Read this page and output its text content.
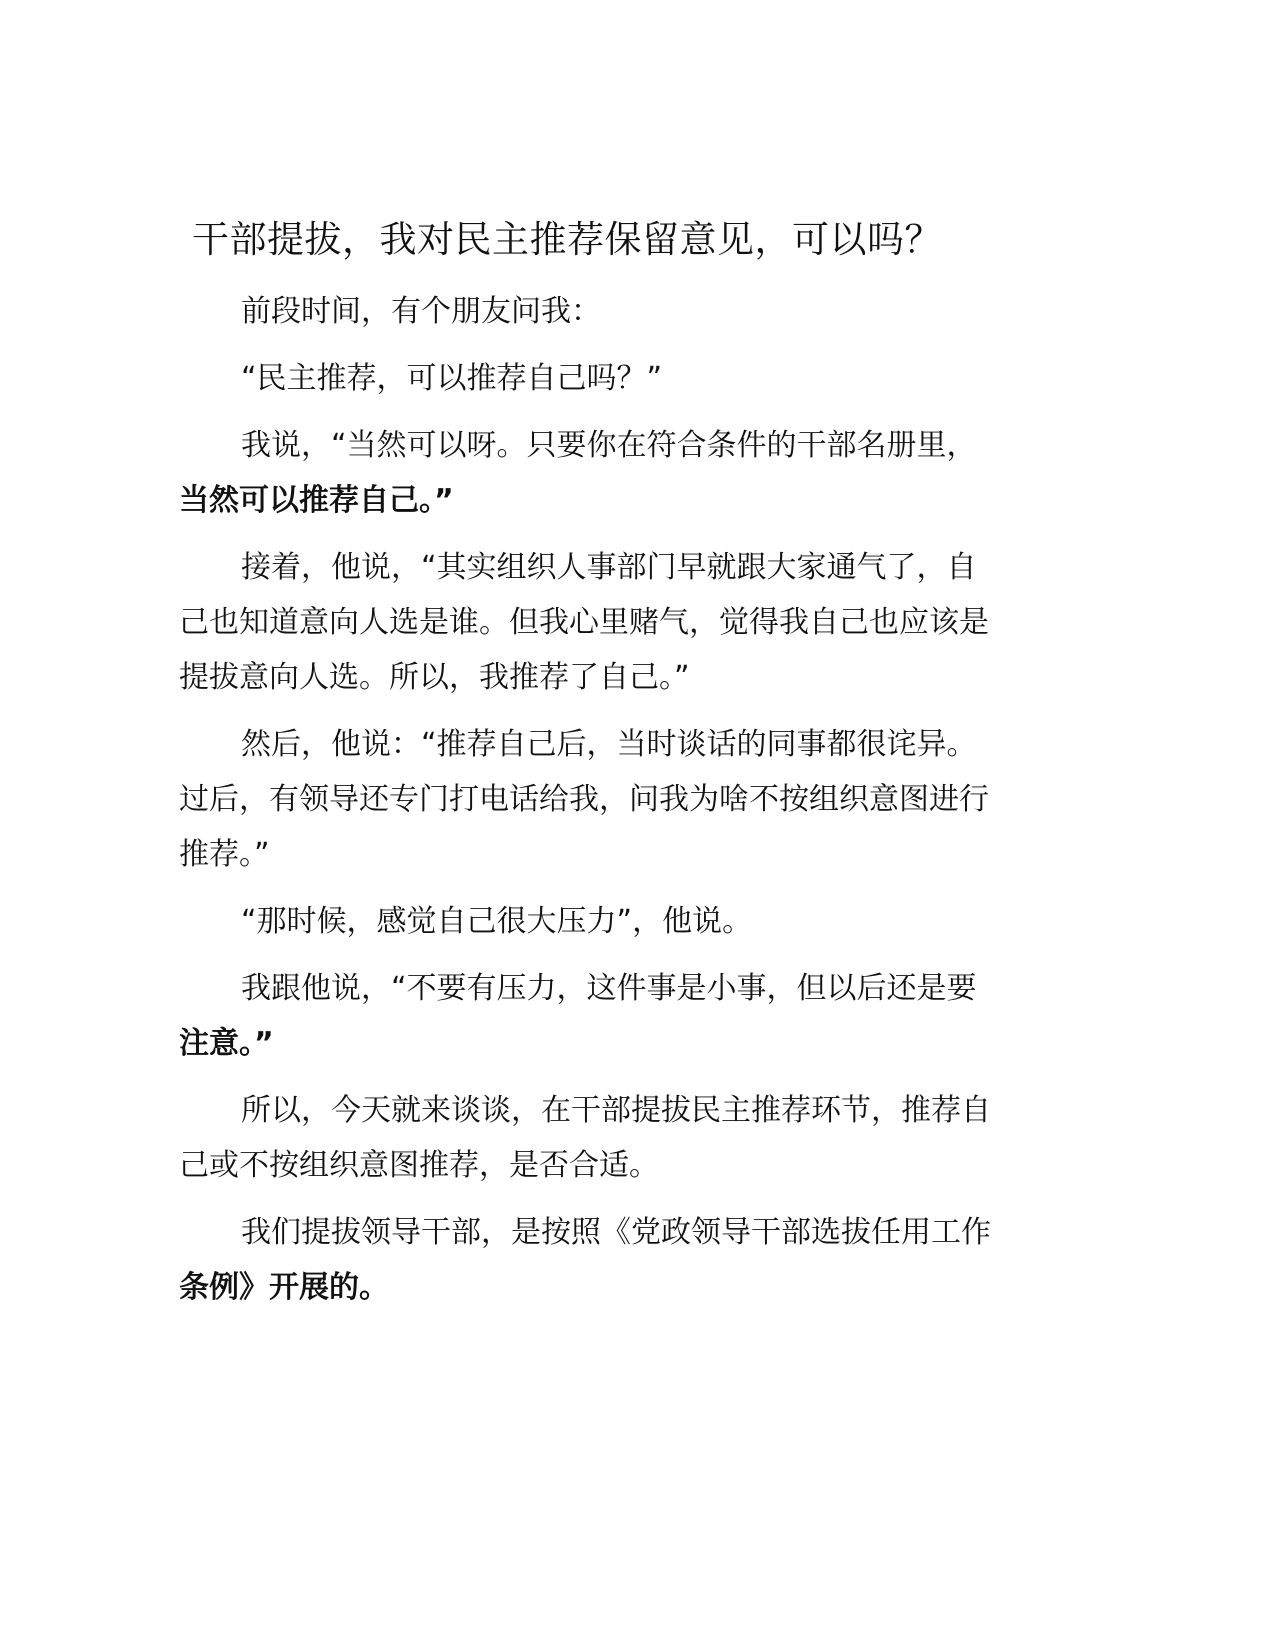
干部提拔，我对民主推荐保留意见，可以吗？
前段时间，有个朋友问我：
“民主推荐，可以推荐自己吗？”
我说，“当然可以呀。只要你在符合条件的干部名册里，
当然可以推荐自己。”
接着，他说，“其实组织人事部门早就跟大家通气了，自
己也知道意向人选是谁。但我心里赌气，觉得我自己也应该是
提拔意向人选。所以，我推荐了自己。”
然后，他说：“推荐自己后，当时谈话的同事都很诧异。
过后，有领导还专门打电话给我，问我为啥不按组织意图进行
推荐。”
“那时候，感觉自己很大压力”，他说。
我跟他说，“不要有压力，这件事是小事，但以后还是要
注意。”
所以，今天就来谈谈，在干部提拔民主推荐环节，推荐自
己或不按组织意图推荐，是否合适。
我们提拔领导干部，是按照《党政领导干部选拔任用工作
条例》开展的。
